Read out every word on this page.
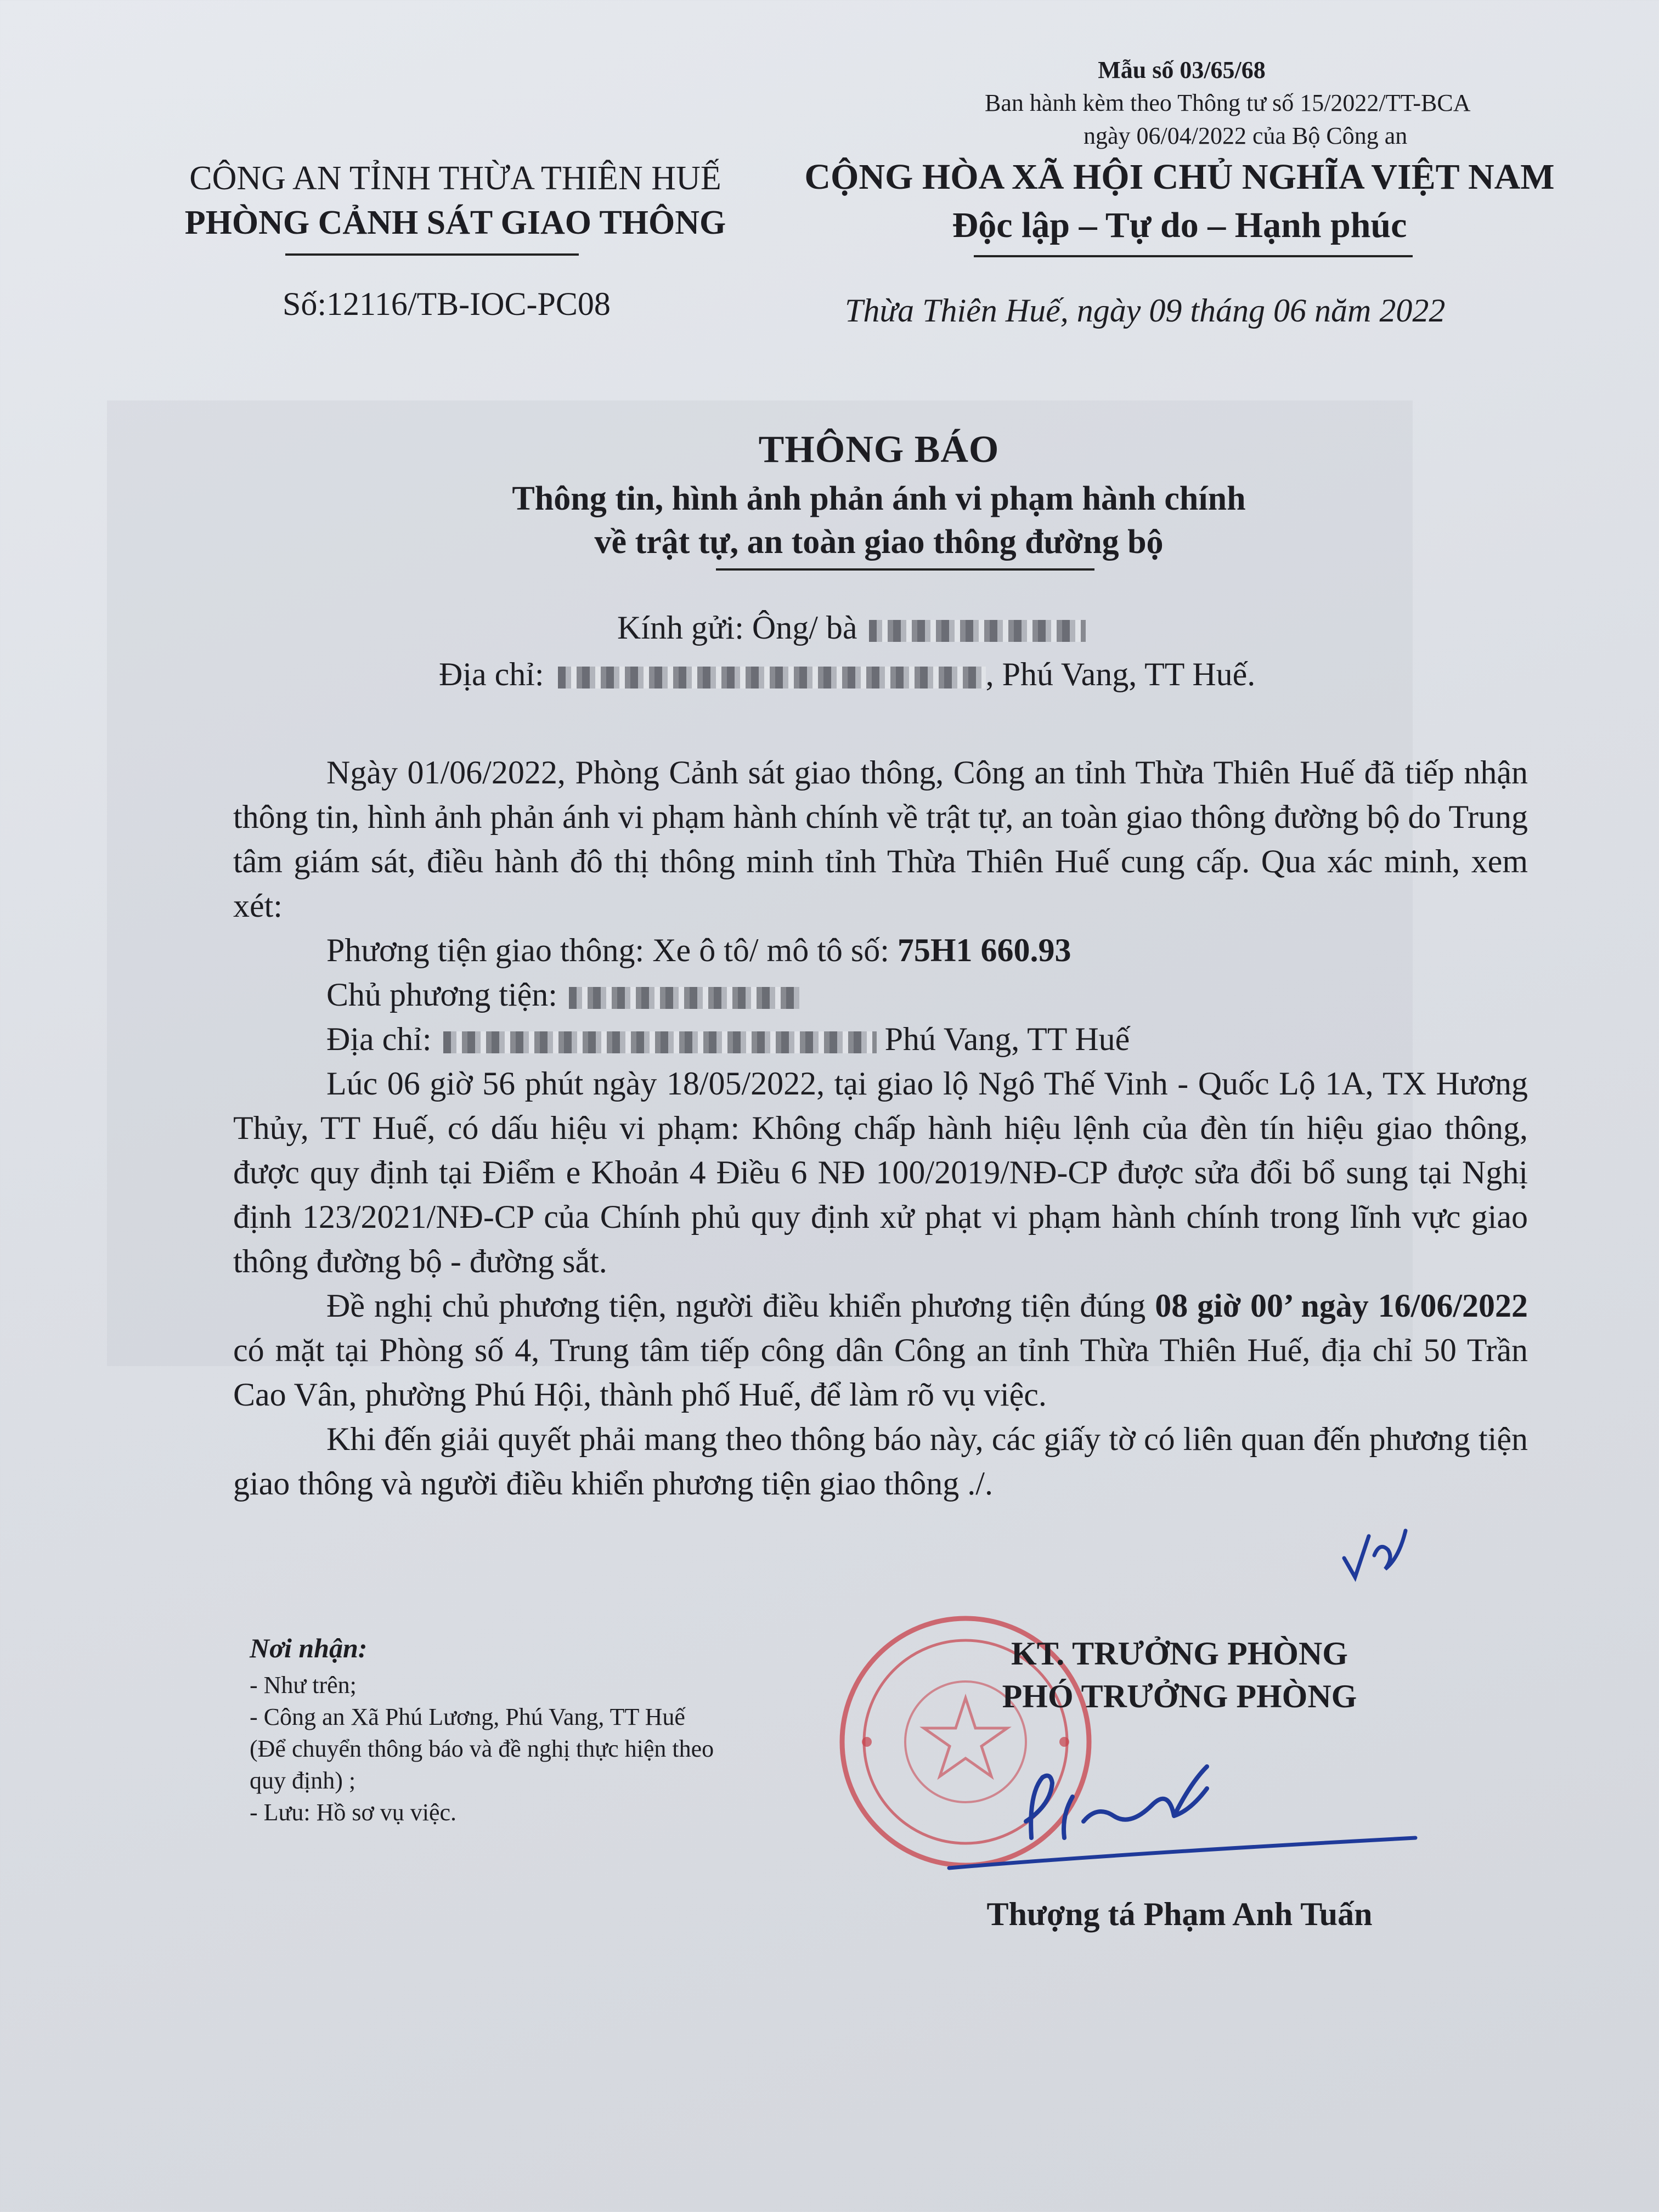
Mẫu số 03/65/68
Ban hành kèm theo Thông tư số 15/2022/TT-BCA
ngày 06/04/2022 của Bộ Công an
CÔNG AN TỈNH THỪA THIÊN HUẾ
PHÒNG CẢNH SÁT GIAO THÔNG
CỘNG HÒA XÃ HỘI CHỦ NGHĨA VIỆT NAM
Độc lập – Tự do – Hạnh phúc
Số:12116/TB-IOC-PC08	Thừa Thiên Huế, ngày 09 tháng 06 năm 2022
THÔNG BÁO
Thông tin, hình ảnh phản ánh vi phạm hành chính
về trật tự, an toàn giao thông đường bộ
Kính gửi: Ông/ bà
Địa chỉ:	, Phú Vang, TT Huế.

Ngày 01/06/2022, Phòng Cảnh sát giao thông, Công an tỉnh Thừa Thiên Huế đã tiếp nhận thông tin, hình ảnh phản ánh vi phạm hành chính về trật tự, an toàn giao thông đường bộ do Trung tâm giám sát, điều hành đô thị thông minh tỉnh Thừa Thiên Huế cung cấp. Qua xác minh, xem xét:

Phương tiện giao thông: Xe ô tô/ mô tô số: 75H1 660.93
Chủ phương tiện:
Địa chỉ:	Phú Vang, TT Huế

Lúc 06 giờ 56 phút ngày 18/05/2022, tại giao lộ Ngô Thế Vinh - Quốc Lộ 1A, TX Hương Thủy, TT Huế, có dấu hiệu vi phạm: Không chấp hành hiệu lệnh của đèn tín hiệu giao thông, được quy định tại Điểm e Khoản 4 Điều 6 NĐ 100/2019/NĐ-CP được sửa đổi bổ sung tại Nghị định 123/2021/NĐ-CP của Chính phủ quy định xử phạt vi phạm hành chính trong lĩnh vực giao thông đường bộ - đường sắt.

Đề nghị chủ phương tiện, người điều khiển phương tiện đúng 08 giờ 00’ ngày 16/06/2022 có mặt tại Phòng số 4, Trung tâm tiếp công dân Công an tỉnh Thừa Thiên Huế, địa chỉ 50 Trần Cao Vân, phường Phú Hội, thành phố Huế, để làm rõ vụ việc.

Khi đến giải quyết phải mang theo thông báo này, các giấy tờ có liên quan đến phương tiện giao thông và người điều khiển phương tiện giao thông ./.

Nơi nhận:
- Như trên;
- Công an Xã Phú Lương, Phú Vang, TT Huế
(Để chuyển thông báo và đề nghị thực hiện theo
quy định) ;
- Lưu: Hồ sơ vụ việc.
KT. TRƯỞNG PHÒNG
PHÓ TRƯỞNG PHÒNG
Thượng tá Phạm Anh Tuấn
